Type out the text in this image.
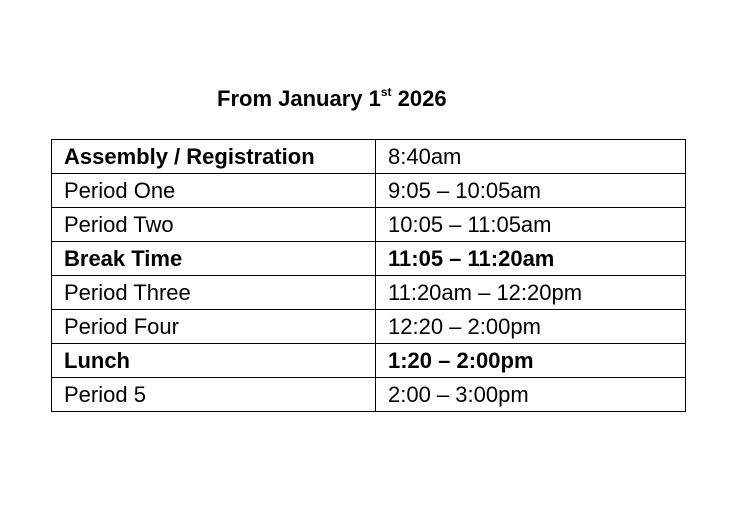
From January 1st 2026
Assembly / Registration	8:40am
Period One	9:05 – 10:05am
Period Two	10:05 – 11:05am
Break Time	11:05 – 11:20am
Period Three	11:20am – 12:20pm
Period Four	12:20 – 2:00pm
Lunch	1:20 – 2:00pm
Period 5	2:00 – 3:00pm
